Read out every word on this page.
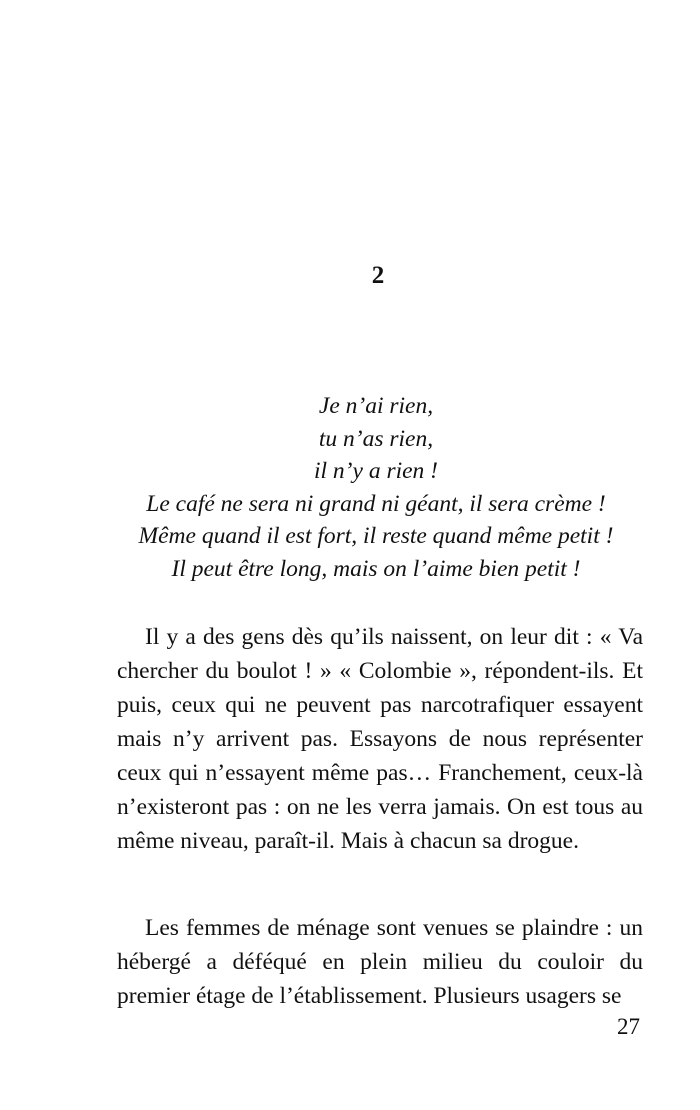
2
Je n’ai rien,
tu n’as rien,
il n’y a rien !
Le café ne sera ni grand ni géant, il sera crème !
Même quand il est fort, il reste quand même petit !
Il peut être long, mais on l’aime bien petit !

Il y a des gens dès qu’ils naissent, on leur dit : « Va chercher du boulot ! » « Colombie », répondent-ils. Et puis, ceux qui ne peuvent pas narcotrafiquer essayent mais n’y arrivent pas. Essayons de nous représenter ceux qui n’essayent même pas… Franchement, ceux-là n’existeront pas : on ne les verra jamais. On est tous au même niveau, paraît-il. Mais à chacun sa drogue.

Les femmes de ménage sont venues se plaindre : un hébergé a déféqué en plein milieu du couloir du premier étage de l’établissement. Plusieurs usagers se

27
